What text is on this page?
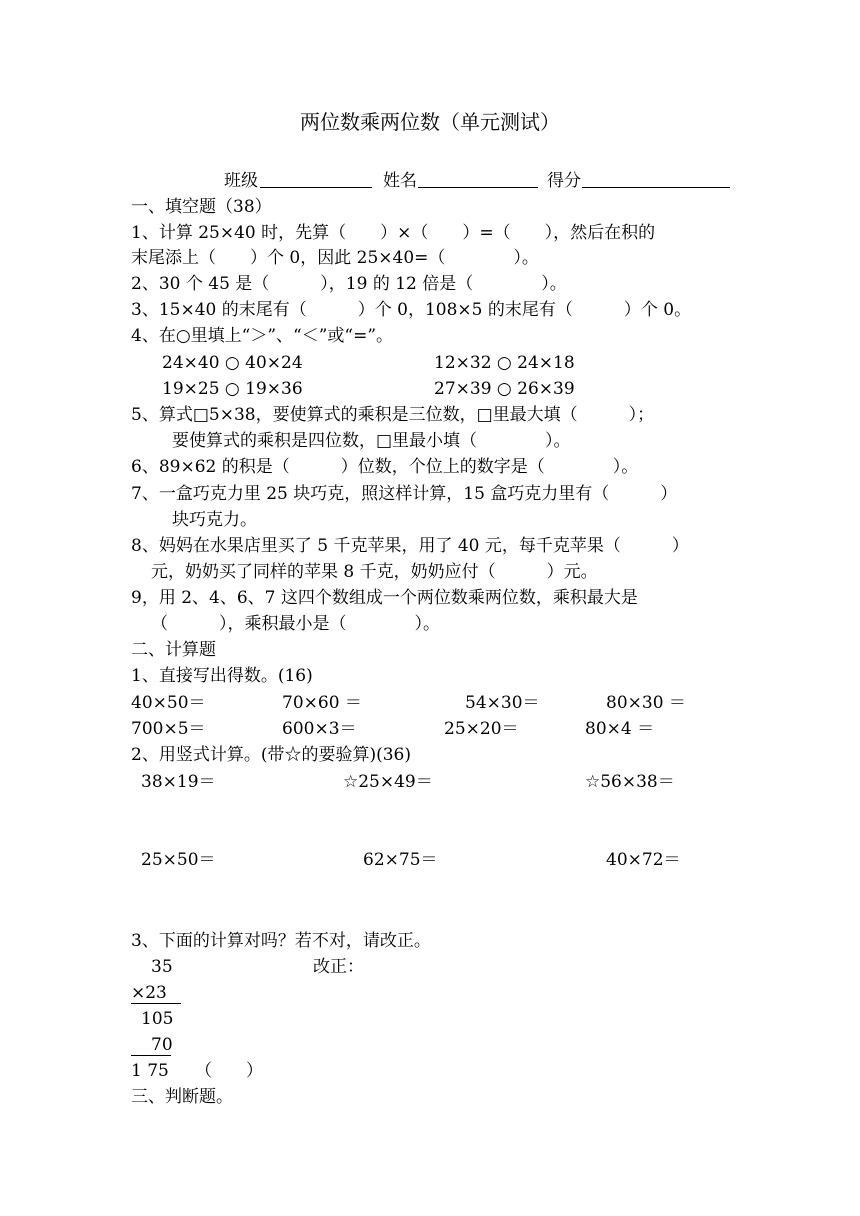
两位数乘两位数（单元测试）
班级	姓名	得分
一、填空题（38）
1、计算 25×40 时，先算（　　）×（　　）=（　　），然后在积的
末尾添上（　　）个 0，因此 25×40=（　　　　）。
2、30 个 45 是（　　　），19 的 12 倍是（　　　　）。
3、15×40 的末尾有（　　　）个 0，108×5 的末尾有（　　　）个 0。
4、在○里填上“＞”、“＜”或“=”。
24×40 ○ 40×24	12×32 ○ 24×18
19×25 ○ 19×36	27×39 ○ 26×39
5、算式□5×38，要使算式的乘积是三位数，□里最大填（　　　）；
要使算式的乘积是四位数，□里最小填（　　　　）。
6、89×62 的积是（　　　）位数，个位上的数字是（　　　　）。
7、一盒巧克力里 25 块巧克，照这样计算，15 盒巧克力里有（　　　）
块巧克力。
8、妈妈在水果店里买了 5 千克苹果，用了 40 元，每千克苹果（　　　）
元，奶奶买了同样的苹果 8 千克，奶奶应付（　　　）元。
9，用 2、4、6、7 这四个数组成一个两位数乘两位数，乘积最大是
（　　　），乘积最小是（　　　　）。
二、计算题
1、直接写出得数。(16)
40×50＝	70×60 ＝	54×30＝	80×30 ＝
700×5＝	600×3＝	25×20＝	80×4 ＝
2、用竖式计算。(带☆的要验算)(36)
38×19＝	☆25×49＝	☆56×38＝
25×50＝	62×75＝	40×72＝
3、下面的计算对吗？若不对，请改正。
35	改正：
×23
105
70
1 75 （　　）
三、判断题。
